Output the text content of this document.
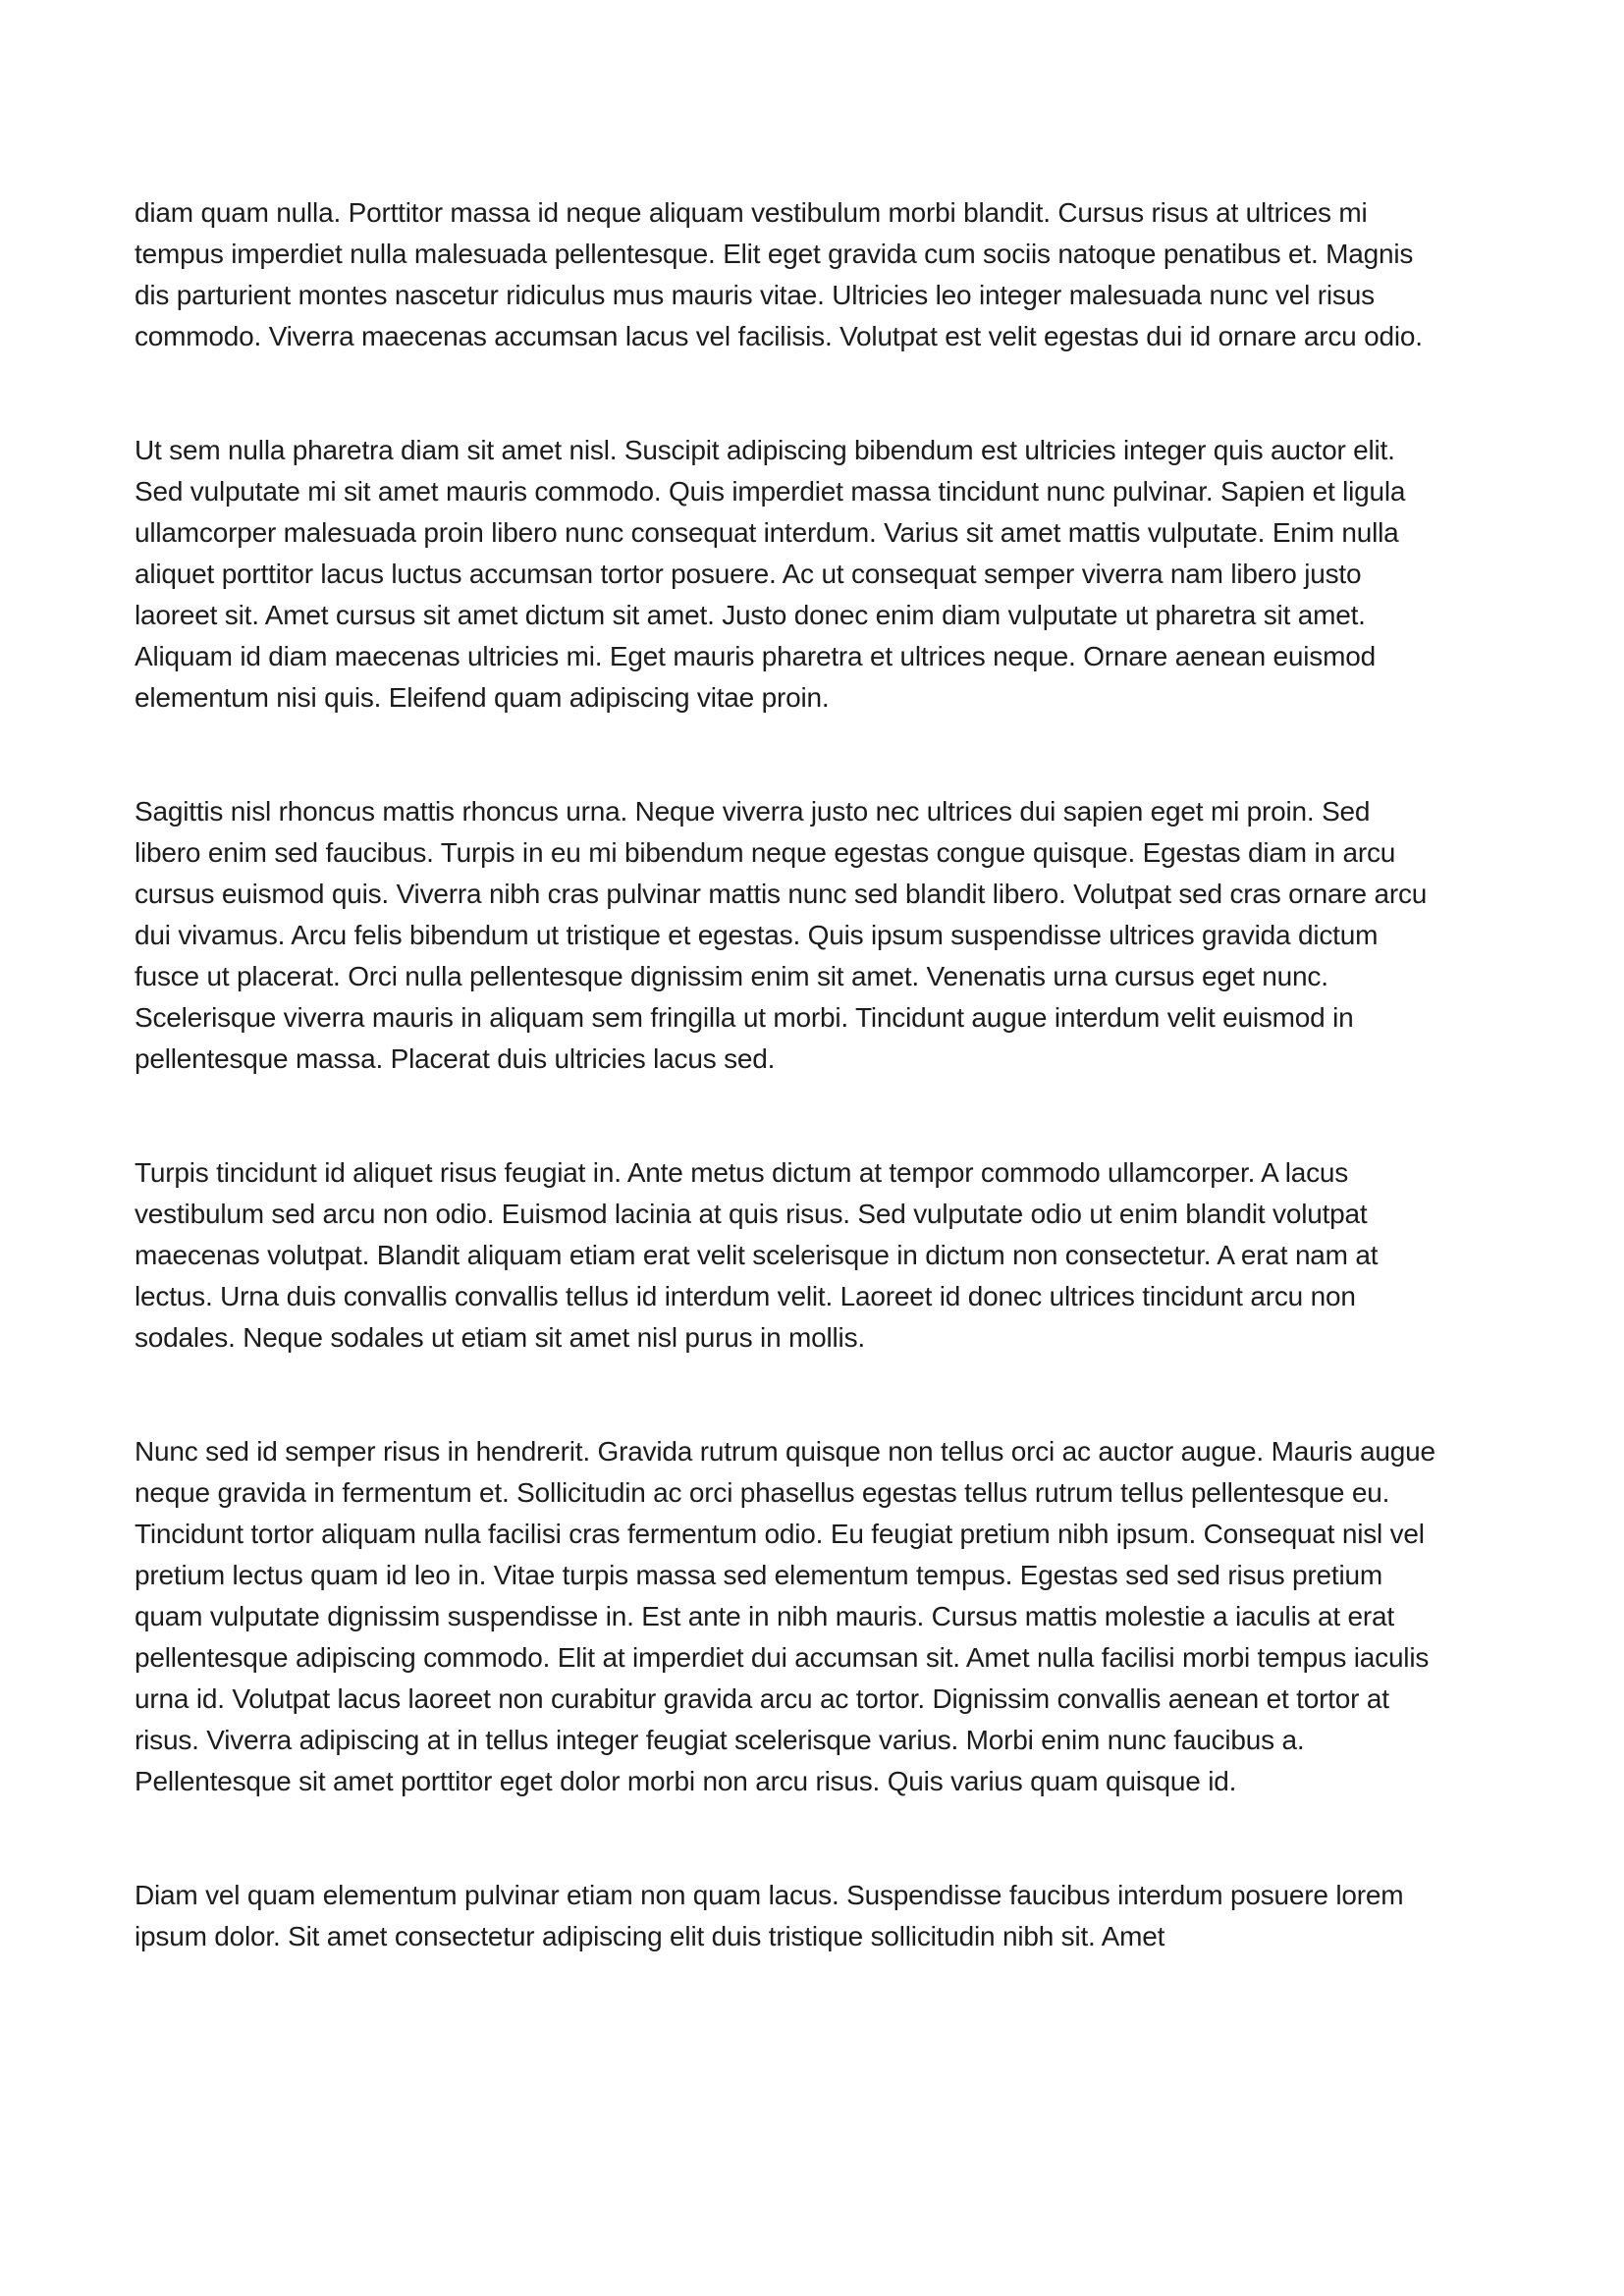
diam quam nulla. Porttitor massa id neque aliquam vestibulum morbi blandit. Cursus risus at ultrices mi tempus imperdiet nulla malesuada pellentesque. Elit eget gravida cum sociis natoque penatibus et. Magnis dis parturient montes nascetur ridiculus mus mauris vitae. Ultricies leo integer malesuada nunc vel risus commodo. Viverra maecenas accumsan lacus vel facilisis. Volutpat est velit egestas dui id ornare arcu odio.

Ut sem nulla pharetra diam sit amet nisl. Suscipit adipiscing bibendum est ultricies integer quis auctor elit. Sed vulputate mi sit amet mauris commodo. Quis imperdiet massa tincidunt nunc pulvinar. Sapien et ligula ullamcorper malesuada proin libero nunc consequat interdum. Varius sit amet mattis vulputate. Enim nulla aliquet porttitor lacus luctus accumsan tortor posuere. Ac ut consequat semper viverra nam libero justo laoreet sit. Amet cursus sit amet dictum sit amet. Justo donec enim diam vulputate ut pharetra sit amet. Aliquam id diam maecenas ultricies mi. Eget mauris pharetra et ultrices neque. Ornare aenean euismod elementum nisi quis. Eleifend quam adipiscing vitae proin.

Sagittis nisl rhoncus mattis rhoncus urna. Neque viverra justo nec ultrices dui sapien eget mi proin. Sed libero enim sed faucibus. Turpis in eu mi bibendum neque egestas congue quisque. Egestas diam in arcu cursus euismod quis. Viverra nibh cras pulvinar mattis nunc sed blandit libero. Volutpat sed cras ornare arcu dui vivamus. Arcu felis bibendum ut tristique et egestas. Quis ipsum suspendisse ultrices gravida dictum fusce ut placerat. Orci nulla pellentesque dignissim enim sit amet. Venenatis urna cursus eget nunc. Scelerisque viverra mauris in aliquam sem fringilla ut morbi. Tincidunt augue interdum velit euismod in pellentesque massa. Placerat duis ultricies lacus sed.

Turpis tincidunt id aliquet risus feugiat in. Ante metus dictum at tempor commodo ullamcorper. A lacus vestibulum sed arcu non odio. Euismod lacinia at quis risus. Sed vulputate odio ut enim blandit volutpat maecenas volutpat. Blandit aliquam etiam erat velit scelerisque in dictum non consectetur. A erat nam at lectus. Urna duis convallis convallis tellus id interdum velit. Laoreet id donec ultrices tincidunt arcu non sodales. Neque sodales ut etiam sit amet nisl purus in mollis.

Nunc sed id semper risus in hendrerit. Gravida rutrum quisque non tellus orci ac auctor augue. Mauris augue neque gravida in fermentum et. Sollicitudin ac orci phasellus egestas tellus rutrum tellus pellentesque eu. Tincidunt tortor aliquam nulla facilisi cras fermentum odio. Eu feugiat pretium nibh ipsum. Consequat nisl vel pretium lectus quam id leo in. Vitae turpis massa sed elementum tempus. Egestas sed sed risus pretium quam vulputate dignissim suspendisse in. Est ante in nibh mauris. Cursus mattis molestie a iaculis at erat pellentesque adipiscing commodo. Elit at imperdiet dui accumsan sit. Amet nulla facilisi morbi tempus iaculis urna id. Volutpat lacus laoreet non curabitur gravida arcu ac tortor. Dignissim convallis aenean et tortor at risus. Viverra adipiscing at in tellus integer feugiat scelerisque varius. Morbi enim nunc faucibus a. Pellentesque sit amet porttitor eget dolor morbi non arcu risus. Quis varius quam quisque id.

Diam vel quam elementum pulvinar etiam non quam lacus. Suspendisse faucibus interdum posuere lorem ipsum dolor. Sit amet consectetur adipiscing elit duis tristique sollicitudin nibh sit. Amet
